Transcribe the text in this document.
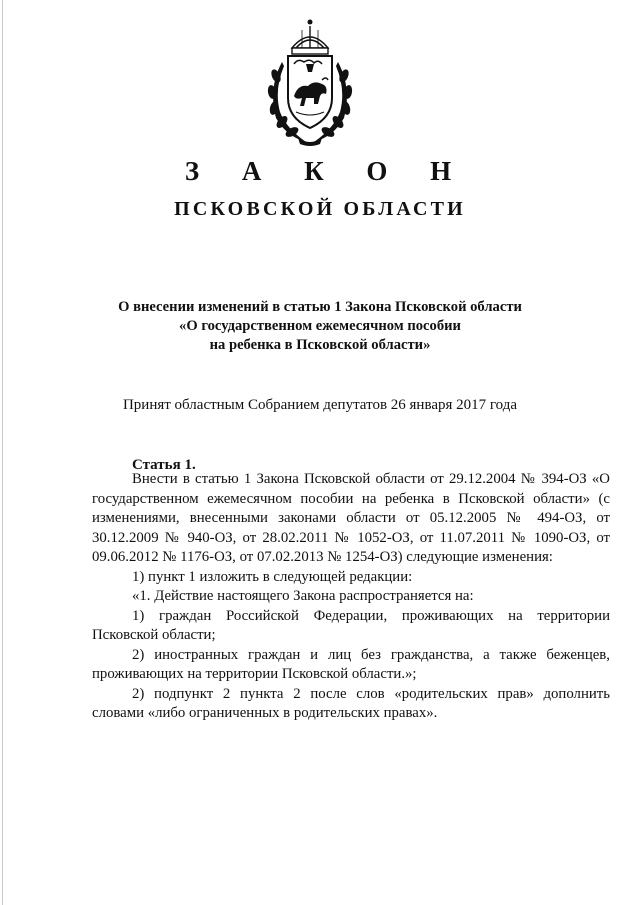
З А К О Н
ПСКОВСКОЙ ОБЛАСТИ
О внесении изменений в статью 1 Закона Псковской области
«О государственном ежемесячном пособии
на ребенка в Псковской области»
Принят областным Собранием депутатов 26 января 2017 года
Статья 1.

Внести в статью 1 Закона Псковской области от 29.12.2004 № 394-ОЗ «О государственном ежемесячном пособии на ребенка в Псковской области» (с изменениями, внесенными законами области от 05.12.2005 № 494-ОЗ, от 30.12.2009 № 940-ОЗ, от 28.02.2011 № 1052-ОЗ, от 11.07.2011 № 1090-ОЗ, от 09.06.2012 № 1176-ОЗ, от 07.02.2013 № 1254-ОЗ) следующие изменения:

1) пункт 1 изложить в следующей редакции:

«1. Действие настоящего Закона распространяется на:

1) граждан Российской Федерации, проживающих на территории Псковской области;

2) иностранных граждан и лиц без гражданства, а также беженцев, проживающих на территории Псковской области.»;

2) подпункт 2 пункта 2 после слов «родительских прав» дополнить словами «либо ограниченных в родительских правах».
